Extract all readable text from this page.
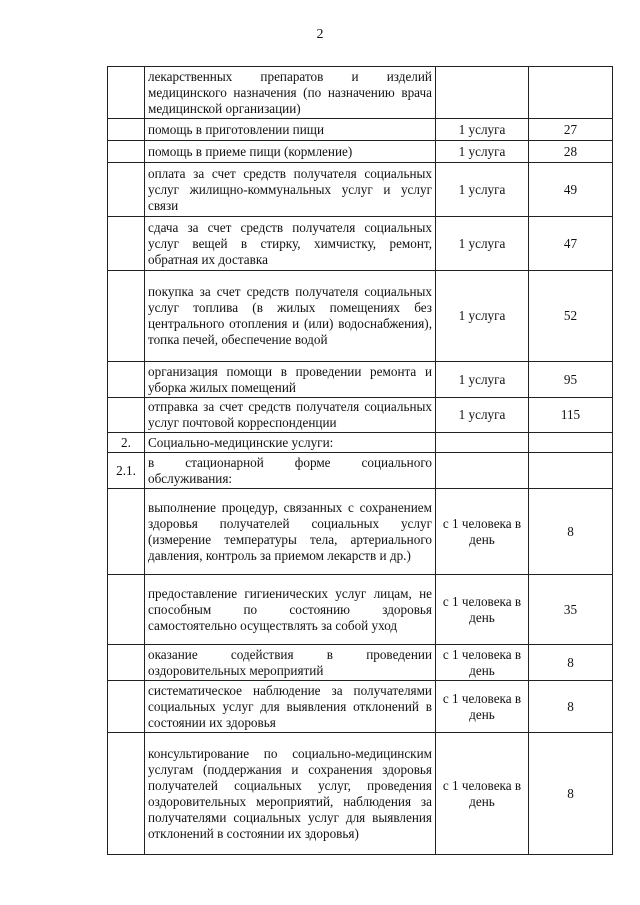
2
	лекарственных препаратов и изделий медицинского назначения (по назначению врача медицинской организации)		
	помощь в приготовлении пищи	1 услуга	27
	помощь в приеме пищи (кормление)	1 услуга	28
	оплата за счет средств получателя социальных услуг жилищно-коммунальных услуг и услуг связи	1 услуга	49
	сдача за счет средств получателя социальных услуг вещей в стирку, химчистку, ремонт, обратная их доставка	1 услуга	47
	покупка за счет средств получателя социальных услуг топлива (в жилых помещениях без центрального отопления и (или) водоснабжения), топка печей, обеспечение водой	1 услуга	52
	организация помощи в проведении ремонта и уборка жилых помещений	1 услуга	95
	отправка за счет средств получателя социальных услуг почтовой корреспонденции	1 услуга	115
2.	Социально-медицинские услуги:		
2.1.	в стационарной форме социального обслуживания:		
	выполнение процедур, связанных с сохранением здоровья получателей социальных услуг (измерение температуры тела, артериального давления, контроль за приемом лекарств и др.)	с 1 человека в день	8
	предоставление гигиенических услуг лицам, не способным по состоянию здоровья самостоятельно осуществлять за собой уход	с 1 человека в день	35
	оказание содействия в проведении оздоровительных мероприятий	с 1 человека в день	8
	систематическое наблюдение за получателями социальных услуг для выявления отклонений в состоянии их здоровья	с 1 человека в день	8
	консультирование по социально-медицинским услугам (поддержания и сохранения здоровья получателей социальных услуг, проведения оздоровительных мероприятий, наблюдения за получателями социальных услуг для выявления отклонений в состоянии их здоровья)	с 1 человека в день	8
